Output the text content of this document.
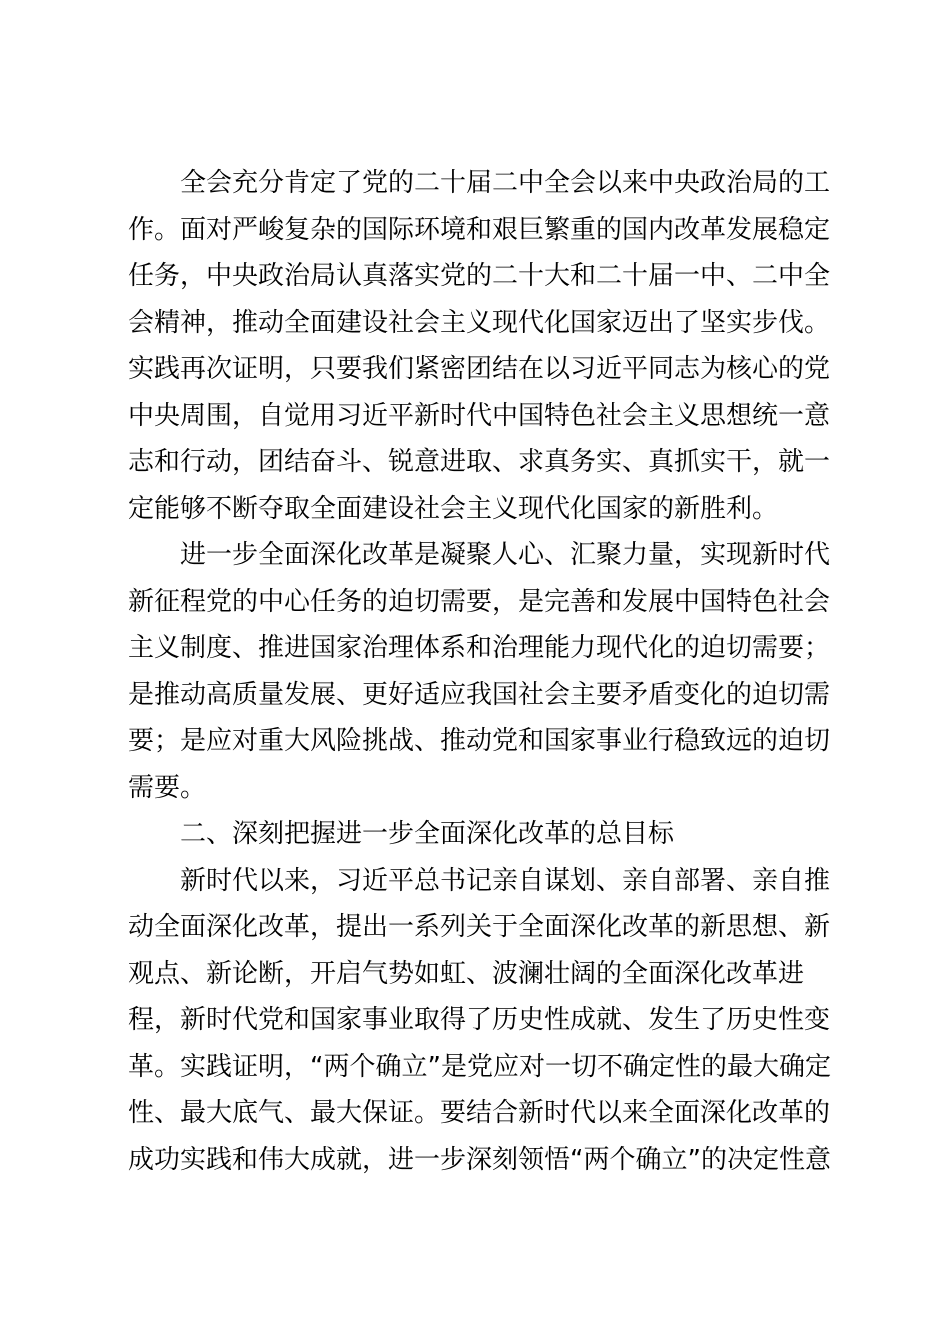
全会充分肯定了党的二十届二中全会以来中央政治局的工
作。面对严峻复杂的国际环境和艰巨繁重的国内改革发展稳定
任务，中央政治局认真落实党的二十大和二十届一中、二中全
会精神，推动全面建设社会主义现代化国家迈出了坚实步伐。
实践再次证明，只要我们紧密团结在以习近平同志为核心的党
中央周围，自觉用习近平新时代中国特色社会主义思想统一意
志和行动，团结奋斗、锐意进取、求真务实、真抓实干，就一
定能够不断夺取全面建设社会主义现代化国家的新胜利。
进一步全面深化改革是凝聚人心、汇聚力量，实现新时代
新征程党的中心任务的迫切需要，是完善和发展中国特色社会
主义制度、推进国家治理体系和治理能力现代化的迫切需要；
是推动高质量发展、更好适应我国社会主要矛盾变化的迫切需
要；是应对重大风险挑战、推动党和国家事业行稳致远的迫切
需要。
二、深刻把握进一步全面深化改革的总目标
新时代以来，习近平总书记亲自谋划、亲自部署、亲自推
动全面深化改革，提出一系列关于全面深化改革的新思想、新
观点、新论断，开启气势如虹、波澜壮阔的全面深化改革进
程，新时代党和国家事业取得了历史性成就、发生了历史性变
革。实践证明，“两个确立”是党应对一切不确定性的最大确定
性、最大底气、最大保证。要结合新时代以来全面深化改革的
成功实践和伟大成就，进一步深刻领悟“两个确立”的决定性意
